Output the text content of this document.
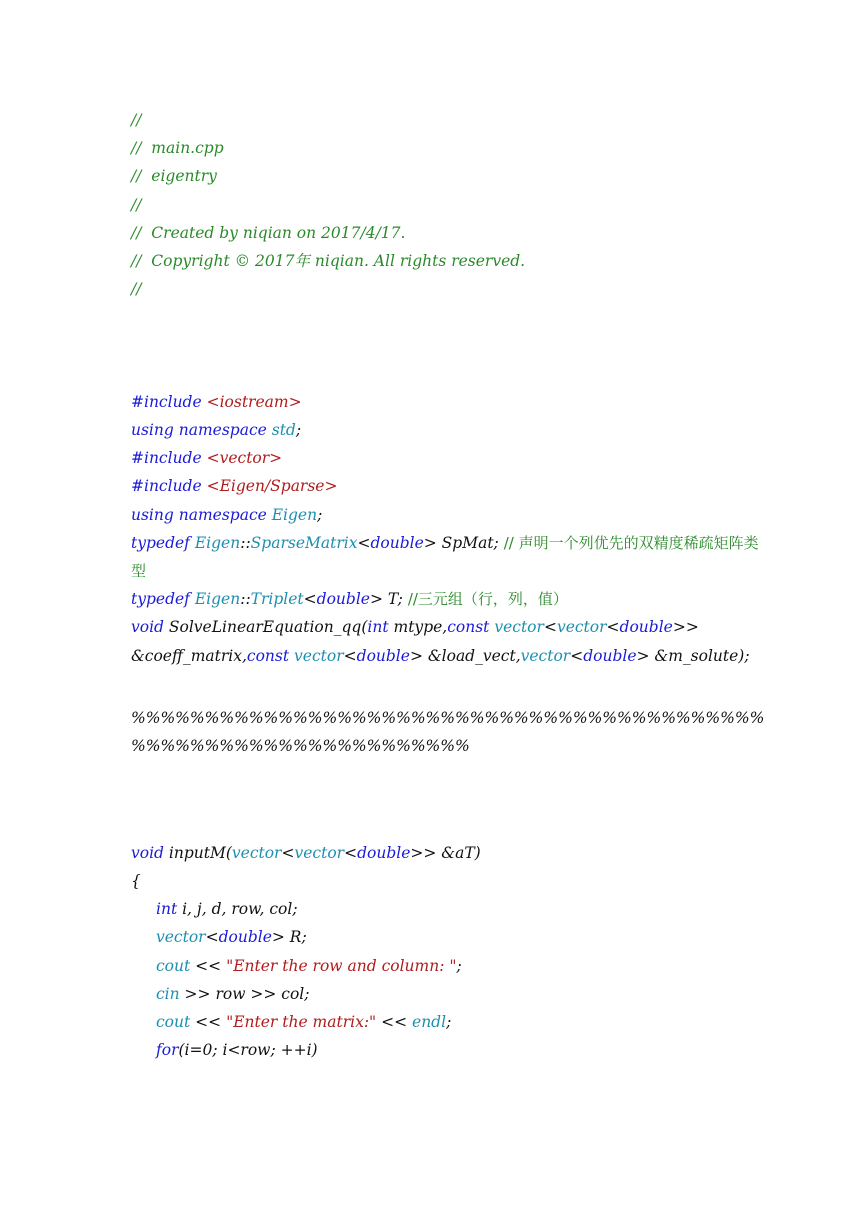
//
//  main.cpp
//  eigentry
//
//  Created by niqian on 2017/4/17.
//  Copyright © 2017年 niqian. All rights reserved.
//
#include <iostream>
using namespace std;
#include <vector>
#include <Eigen/Sparse>
using namespace Eigen;
typedef Eigen::SparseMatrix<double> SpMat; // 声明一个列优先的双精度稀疏矩阵类型
typedef Eigen::Triplet<double> T; //三元组（行，列，值）
void SolveLinearEquation_qq(int mtype,const vector<vector<double>>
&coeff_matrix,const vector<double> &load_vect,vector<double> &m_solute);
%%%%%%%%%%%%%%%%%%%%%%%%%%%%%%%%%%%%%%%%%%%%%%%%%%%%%%%%%%%%%%%%%%
void inputM(vector<vector<double>> &aT)
{
int i, j, d, row, col;
vector<double> R;
cout << "Enter the row and column: ";
cin >> row >> col;
cout << "Enter the matrix:" << endl;
for(i=0; i<row; ++i)
